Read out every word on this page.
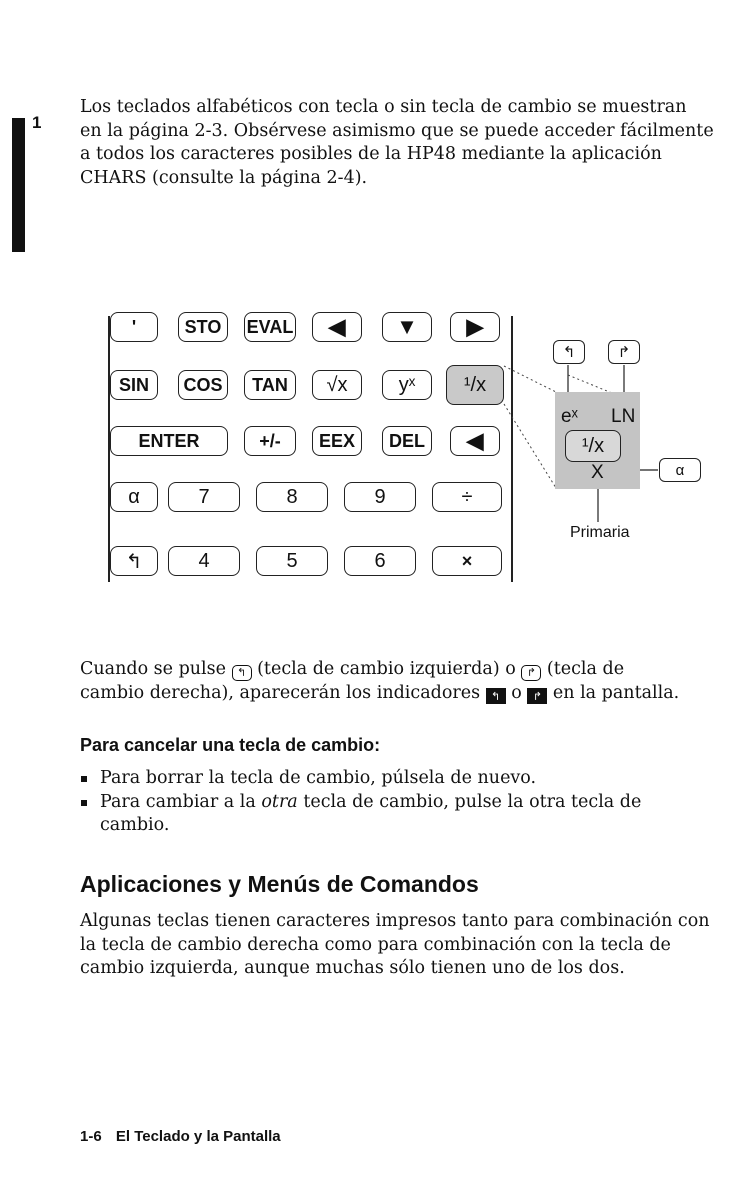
1
Los teclados alfabéticos con tecla o sin tecla de cambio se muestran
en la página 2-3. Obsérvese asimismo que se puede acceder fácilmente
a todos los caracteres posibles de la HP48 mediante la aplicación
CHARS (consulte la página 2-4).
'	STO	EVAL	◀	▼	▶
SIN	COS	TAN	√x	yˣ	¹/x
ENTER	+/-	EEX	DEL	◀
α	7	8	9	÷
↰	4	5	6	×
↰	↱
eˣ LN
¹/x
X	α
Primaria
Cuando se pulse ↰ (tecla de cambio izquierda) o ↱ (tecla de
cambio derecha), aparecerán los indicadores ↰ o ↱ en la pantalla.
Para cancelar una tecla de cambio:
Para borrar la tecla de cambio, púlsela de nuevo.
Para cambiar a la otra tecla de cambio, pulse la otra tecla de
cambio.
Aplicaciones y Menús de Comandos
Algunas teclas tienen caracteres impresos tanto para combinación con
la tecla de cambio derecha como para combinación con la tecla de
cambio izquierda, aunque muchas sólo tienen uno de los dos.
1-6 El Teclado y la Pantalla
